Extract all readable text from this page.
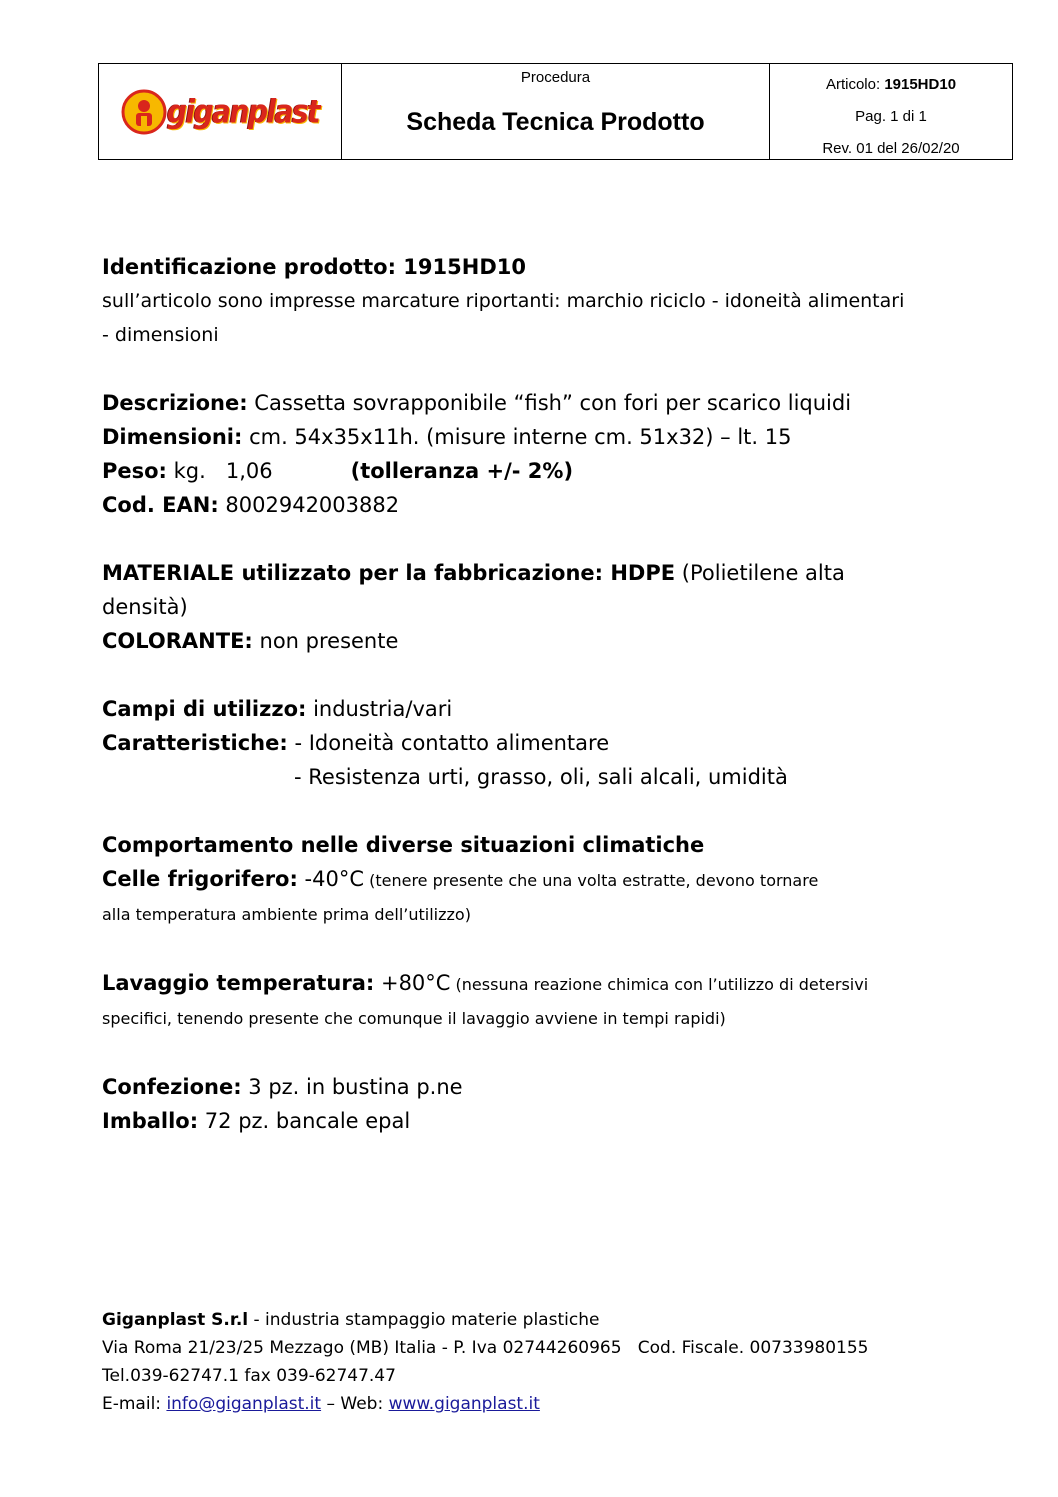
giganplast
Procedura
Scheda Tecnica Prodotto
Articolo: 1915HD10
Pag. 1 di 1
Rev. 01 del 26/02/20
Identificazione prodotto: 1915HD10
sull’articolo sono impresse marcature riportanti: marchio riciclo - idoneità alimentari
- dimensioni
Descrizione: Cassetta sovrapponibile “fish” con fori per scarico liquidi
Dimensioni: cm. 54x35x11h. (misure interne cm. 51x32) – lt. 15
Peso: kg.   1,06	(tolleranza +/- 2%)
Cod. EAN: 8002942003882
MATERIALE utilizzato per la fabbricazione: HDPE (Polietilene alta
densità)
COLORANTE: non presente
Campi di utilizzo: industria/vari
Caratteristiche: - Idoneità contatto alimentare
- Resistenza urti, grasso, oli, sali alcali, umidità
Comportamento nelle diverse situazioni climatiche
Celle frigorifero: -40°C (tenere presente che una volta estratte, devono tornare
alla temperatura ambiente prima dell’utilizzo)
Lavaggio temperatura: +80°C (nessuna reazione chimica con l’utilizzo di detersivi
specifici, tenendo presente che comunque il lavaggio avviene in tempi rapidi)
Confezione: 3 pz. in bustina p.ne
Imballo: 72 pz. bancale epal
Giganplast S.r.l - industria stampaggio materie plastiche
Via Roma 21/23/25 Mezzago (MB) Italia - P. Iva 02744260965   Cod. Fiscale. 00733980155
Tel.039-62747.1 fax 039-62747.47
E-mail: info@giganplast.it – Web: www.giganplast.it
